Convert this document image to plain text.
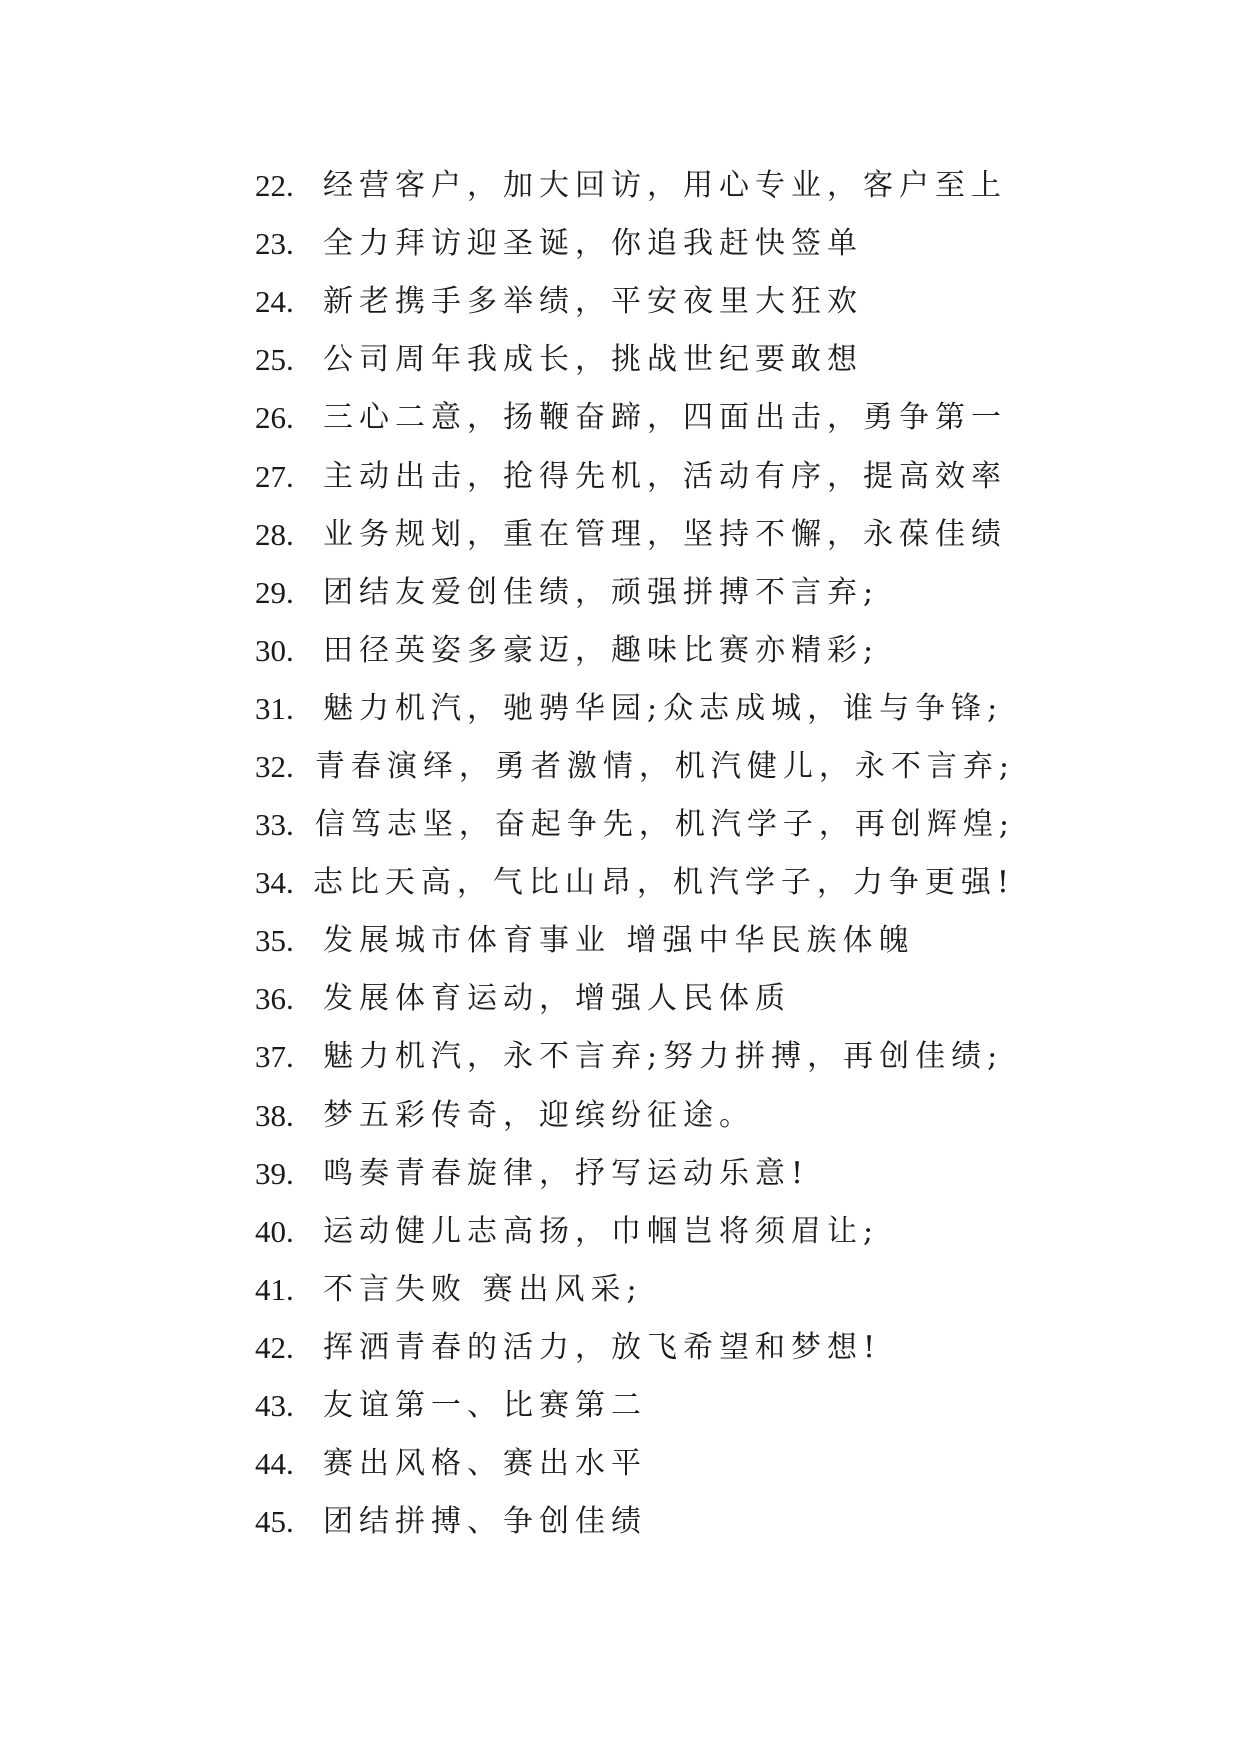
22. 经营客户，加大回访，用心专业，客户至上
23. 全力拜访迎圣诞，你追我赶快签单
24. 新老携手多举绩，平安夜里大狂欢
25. 公司周年我成长，挑战世纪要敢想
26. 三心二意，扬鞭奋蹄，四面出击，勇争第一
27. 主动出击，抢得先机，活动有序，提高效率
28. 业务规划，重在管理，坚持不懈，永葆佳绩
29. 团结友爱创佳绩，顽强拼搏不言弃;
30. 田径英姿多豪迈，趣味比赛亦精彩;
31. 魅力机汽，驰骋华园;众志成城，谁与争锋;
32. 青春演绎，勇者激情，机汽健儿，永不言弃;
33. 信笃志坚，奋起争先，机汽学子，再创辉煌;
34. 志比天高，气比山昂，机汽学子，力争更强!
35. 发展城市体育事业 增强中华民族体魄
36. 发展体育运动，增强人民体质
37. 魅力机汽，永不言弃;努力拼搏，再创佳绩;
38. 梦五彩传奇，迎缤纷征途。
39. 鸣奏青春旋律，抒写运动乐意!
40. 运动健儿志高扬，巾帼岂将须眉让;
41. 不言失败 赛出风采;
42. 挥洒青春的活力，放飞希望和梦想!
43. 友谊第一、比赛第二
44. 赛出风格、赛出水平
45. 团结拼搏、争创佳绩
